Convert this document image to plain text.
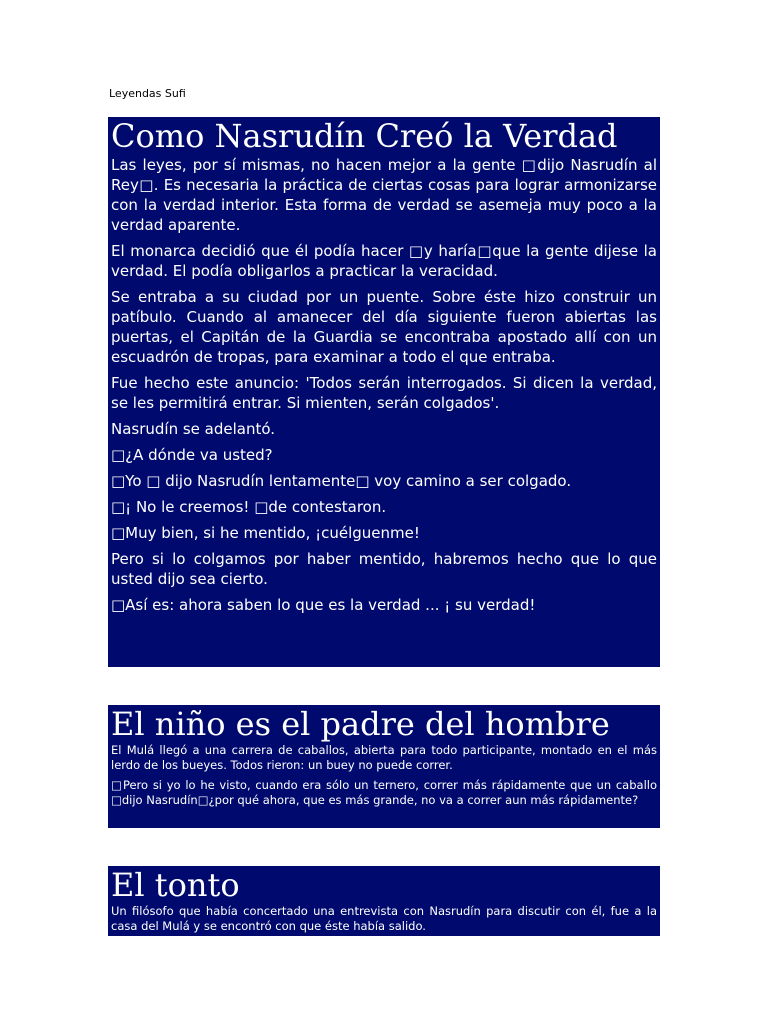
Leyendas Sufi
Como Nasrudín Creó la Verdad

Las leyes, por sí mismas, no hacen mejor a la gente □dijo Nasrudín al Rey□. Es necesaria la práctica de ciertas cosas para lograr armonizarse con la verdad interior. Esta forma de verdad se asemeja muy poco a la verdad aparente.

El monarca decidió que él podía hacer □y haría□que la gente dijese la verdad. El podía obligarlos a practicar la veracidad.

Se entraba a su ciudad por un puente. Sobre éste hizo construir un patíbulo. Cuando al amanecer del día siguiente fueron abiertas las puertas, el Capitán de la Guardia se encontraba apostado allí con un escuadrón de tropas, para examinar a todo el que entraba.

Fue hecho este anuncio: 'Todos serán interrogados. Si dicen la verdad, se les permitirá entrar. Si mienten, serán colgados'.

Nasrudín se adelantó.

□¿A dónde va usted?

□Yo □ dijo Nasrudín lentamente□ voy camino a ser colgado.

□¡ No le creemos! □de contestaron.

□Muy bien, si he mentido, ¡cuélguenme!

Pero si lo colgamos por haber mentido, habremos hecho que lo que usted dijo sea cierto.

□Así es: ahora saben lo que es la verdad ... ¡ su verdad!

El niño es el padre del hombre

El Mulá llegó a una carrera de caballos, abierta para todo participante, montado en el más lerdo de los bueyes. Todos rieron: un buey no puede correr.

□Pero si yo lo he visto, cuando era sólo un ternero, correr más rápidamente que un caballo □dijo Nasrudín□¿por qué ahora, que es más grande, no va a correr aun más rápidamente?

El tonto

Un filósofo que había concertado una entrevista con Nasrudín para discutir con él, fue a la casa del Mulá y se encontró con que éste había salido.
